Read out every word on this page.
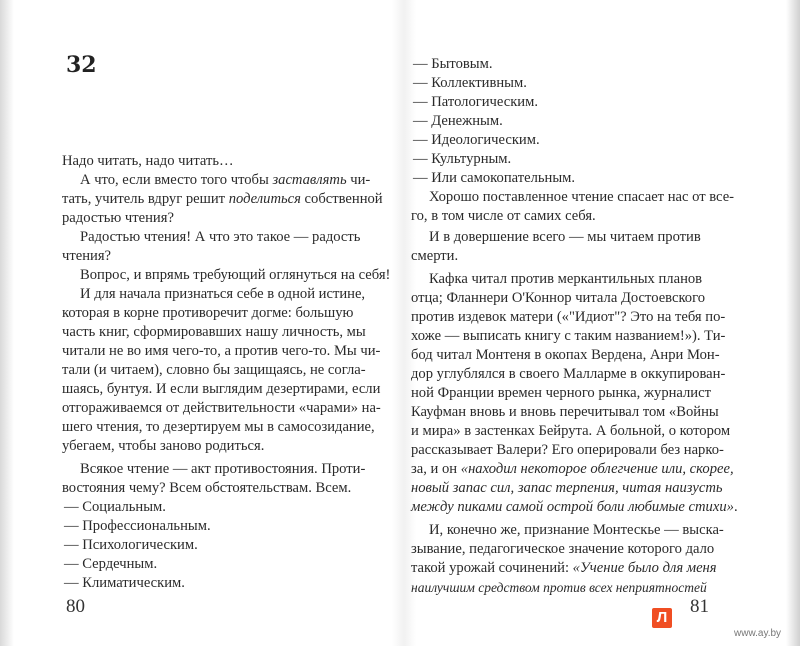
32
Надо читать, надо читать…
А что, если вместо того чтобы заставлять чи-
тать, учитель вдруг решит поделиться собственной
радостью чтения?
Радостью чтения! А что это такое — радость
чтения?
Вопрос, и впрямь требующий оглянуться на себя!
И для начала признаться себе в одной истине,
которая в корне противоречит догме: большую
часть книг, сформировавших нашу личность, мы
читали не во имя чего-то, а против чего-то. Мы чи-
тали (и читаем), словно бы защищаясь, не согла-
шаясь, бунтуя. И если выглядим дезертирами, если
отгораживаемся от действительности «чарами» на-
шего чтения, то дезертируем мы в самосозидание,
убегаем, чтобы заново родиться.
Всякое чтение — акт противостояния. Проти-
востояния чему? Всем обстоятельствам. Всем.
— Социальным.
— Профессиональным.
— Психологическим.
— Сердечным.
— Климатическим.
— Бытовым.
— Коллективным.
— Патологическим.
— Денежным.
— Идеологическим.
— Культурным.
— Или самокопательным.
Хорошо поставленное чтение спасает нас от все-
го, в том числе от самих себя.
И в довершение всего — мы читаем против
смерти.
Кафка читал против меркантильных планов
отца; Фланнери О'Коннор читала Достоевского
против издевок матери («"Идиот"? Это на тебя по-
хоже — выписать книгу с таким названием!»). Ти-
бод читал Монтеня в окопах Вердена, Анри Мон-
дор углублялся в своего Малларме в оккупирован-
ной Франции времен черного рынка, журналист
Кауфман вновь и вновь перечитывал том «Войны
и мира» в застенках Бейрута. А больной, о котором
рассказывает Валери? Его оперировали без нарко-
за, и он «находил некоторое облегчение или, скорее,
новый запас сил, запас терпения, читая наизусть
между пиками самой острой боли любимые стихи».
И, конечно же, признание Монтескье — выска-
зывание, педагогическое значение которого дало
такой урожай сочинений: «Учение было для меня
наилучшим средством против всех неприятностей
80	81
Л
www.ay.by
